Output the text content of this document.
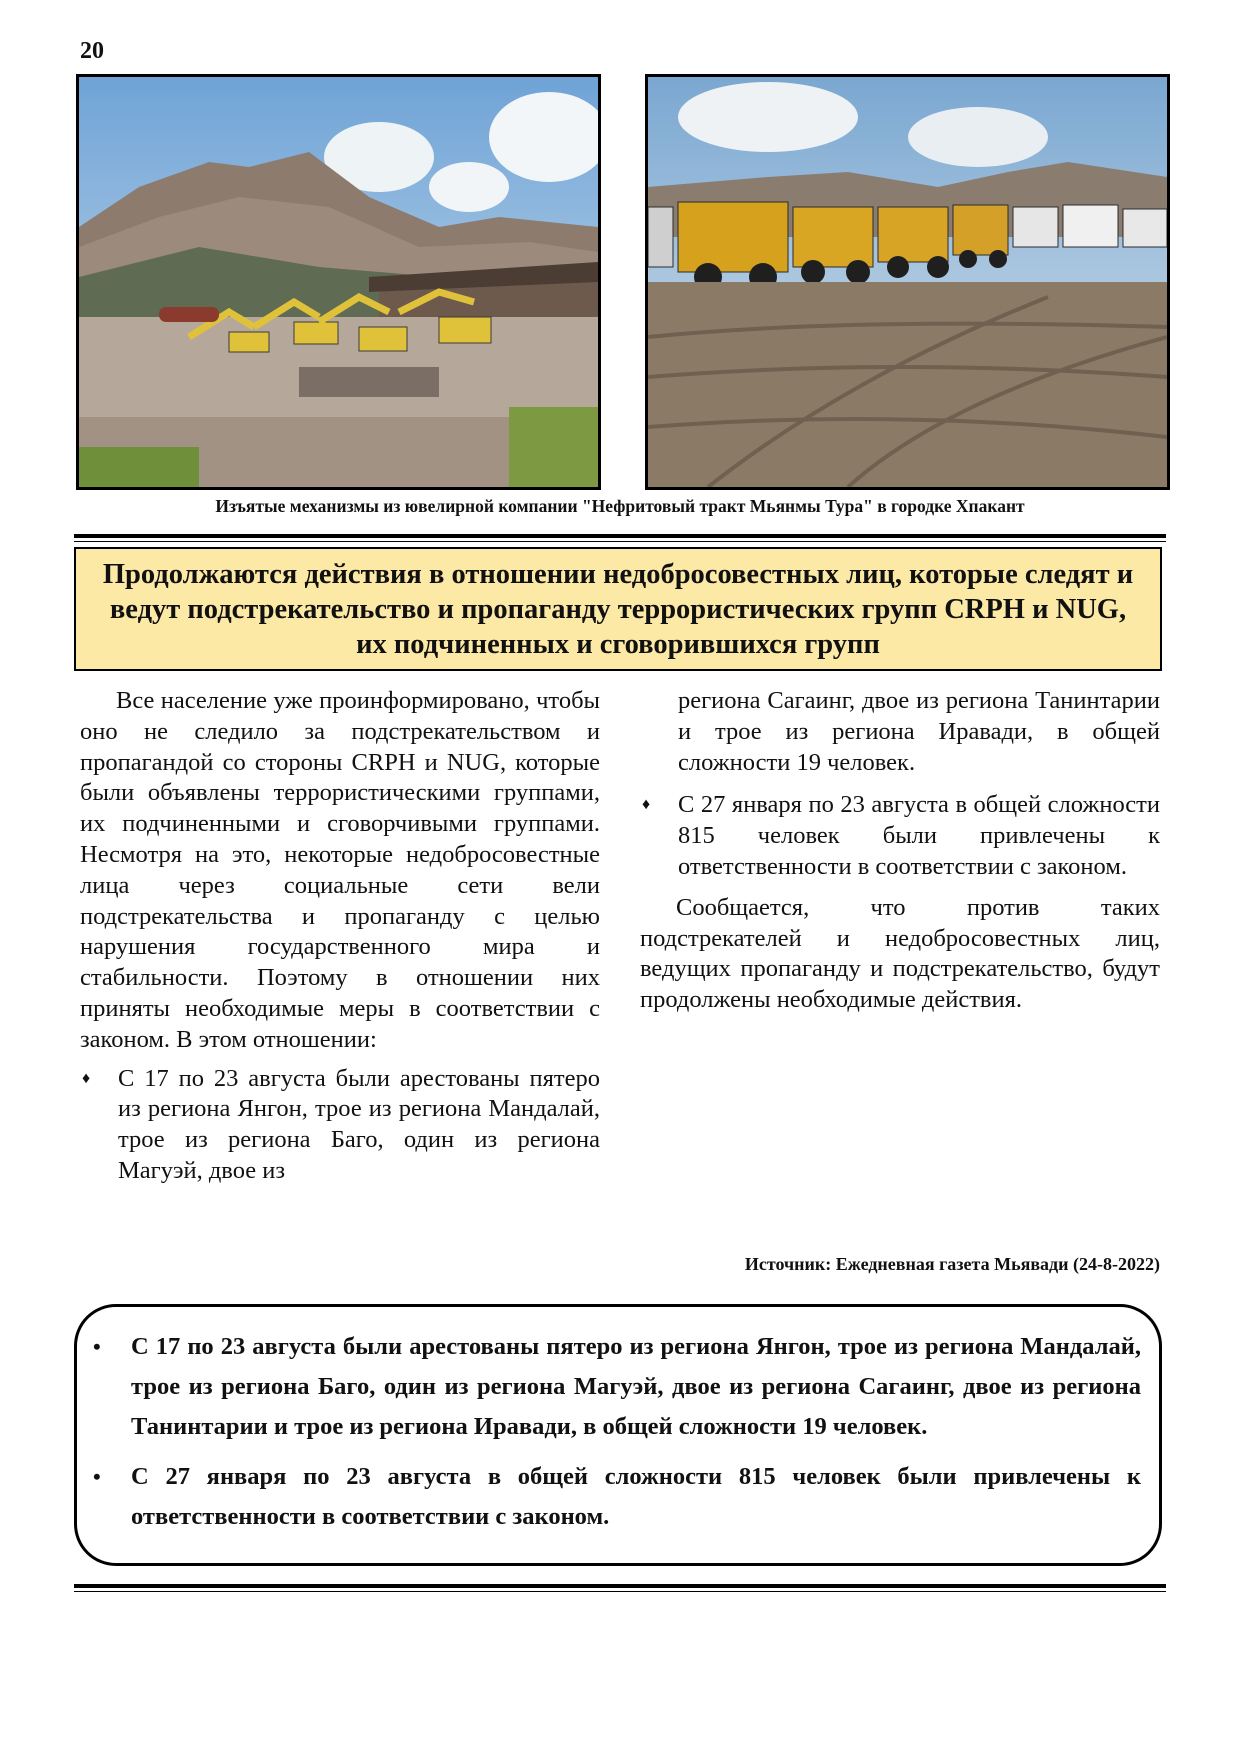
20
Изъятые механизмы из ювелирной компании "Нефритовый тракт Мьянмы Тура" в городке Хпакант
Продолжаются действия в отношении недобросовестных лиц, которые следят и ведут подстрекательство и пропаганду террористических групп CRPH и NUG, их подчиненных и сговорившихся групп

Все население уже проинформировано, чтобы оно не следило за подстрекательством и пропагандой со стороны CRPH и NUG, которые были объявлены террористическими группами, их подчиненными и сговорчивыми группами. Несмотря на это, некоторые недобросовестные лица через социальные сети вели подстрекательства и пропаганду с целью нарушения государственного мира и стабильности. Поэтому в отношении них приняты необходимые меры в соответствии с законом. В этом отношении:

♦ С 17 по 23 августа были арестованы пятеро из региона Янгон, трое из региона Мандалай, трое из региона Баго, один из региона Магуэй, двое из

региона Сагаинг, двое из региона Танинтарии и трое из региона Иравади, в общей сложности 19 человек.

♦ С 27 января по 23 августа в общей сложности 815 человек были привлечены к ответственности в соответствии с законом.

Сообщается, что против таких подстрекателей и недобросовестных лиц, ведущих пропаганду и подстрекательство, будут продолжены необходимые действия.

Источник: Ежедневная газета Мьявади (24-8-2022)
• С 17 по 23 августа были арестованы пятеро из региона Янгон, трое из региона Мандалай, трое из региона Баго, один из региона Магуэй, двое из региона Сагаинг, двое из региона Танинтарии и трое из региона Иравади, в общей сложности 19 человек.
• С 27 января по 23 августа в общей сложности 815 человек были привлечены к ответственности в соответствии с законом.
